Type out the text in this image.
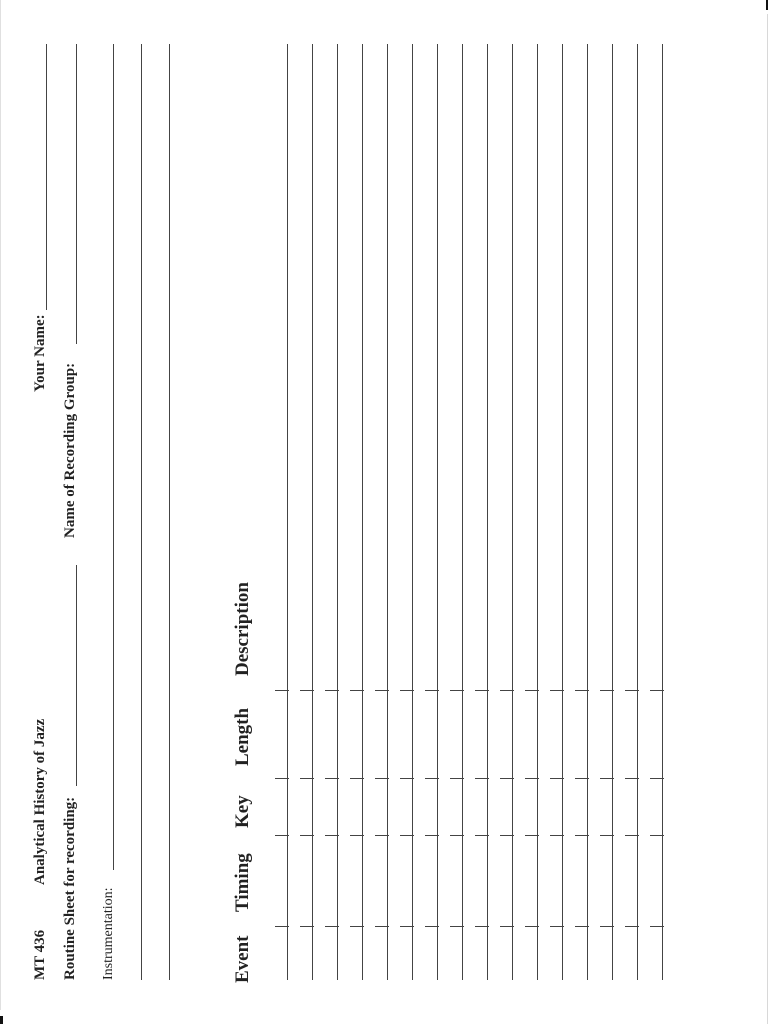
MT 436
Analytical History of Jazz
Your Name:
Routine Sheet for recording:
Name of Recording Group:
Instrumentation:	Event
Timing
Key
Length
Description
